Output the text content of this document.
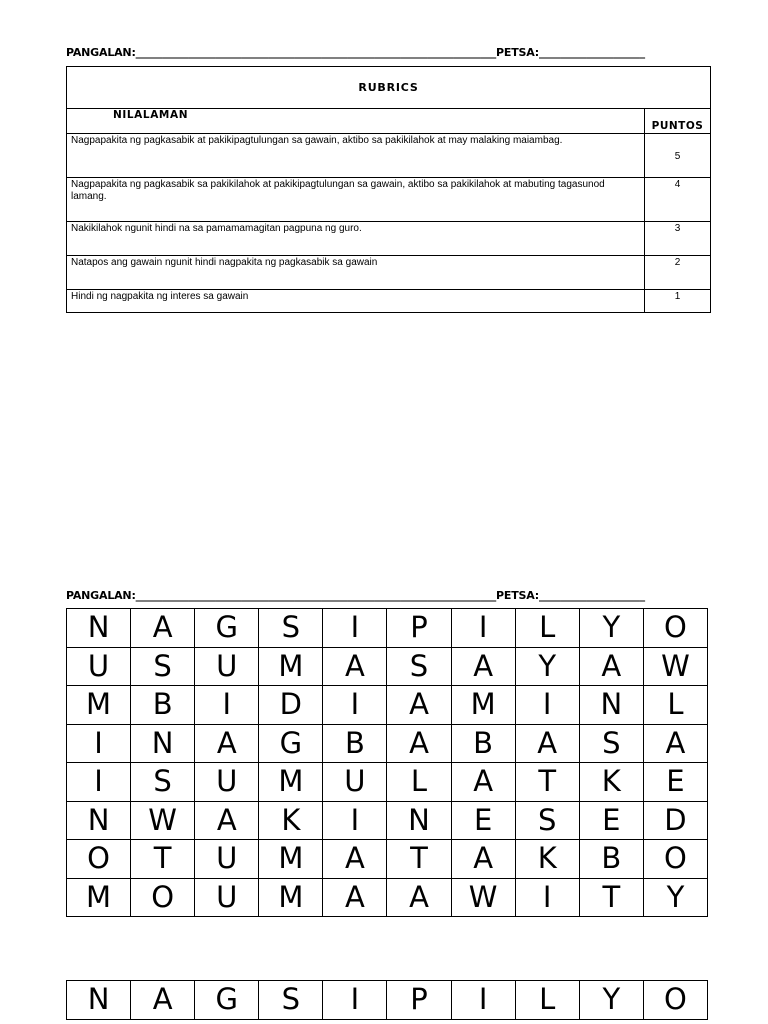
PANGALAN:____________________________________________________________________PETSA:____________________
RUBRICS	
NILALAMAN	PUNTOS
Nagpapakita ng pagkasabik at pakikipagtulungan sa gawain, aktibo sa pakikilahok at may malaking maiambag.	5
Nagpapakita ng pagkasabik sa pakikilahok at pakikipagtulungan sa gawain, aktibo sa pakikilahok at mabuting tagasunod lamang.	4
Nakikilahok ngunit hindi na sa pamamamagitan pagpuna ng guro.	3
Natapos ang gawain ngunit hindi nagpakita ng pagkasabik sa gawain	2
Hindi ng nagpakita ng interes sa gawain	1
PANGALAN:____________________________________________________________________PETSA:____________________
N	A	G	S	I	P	I	L	Y	O
U	S	U	M	A	S	A	Y	A	W
M	B	I	D	I	A	M	I	N	L
I	N	A	G	B	A	B	A	S	A
I	S	U	M	U	L	A	T	K	E
N	W	A	K	I	N	E	S	E	D
O	T	U	M	A	T	A	K	B	O
M	O	U	M	A	A	W	I	T	Y
N	A	G	S	I	P	I	L	Y	O
